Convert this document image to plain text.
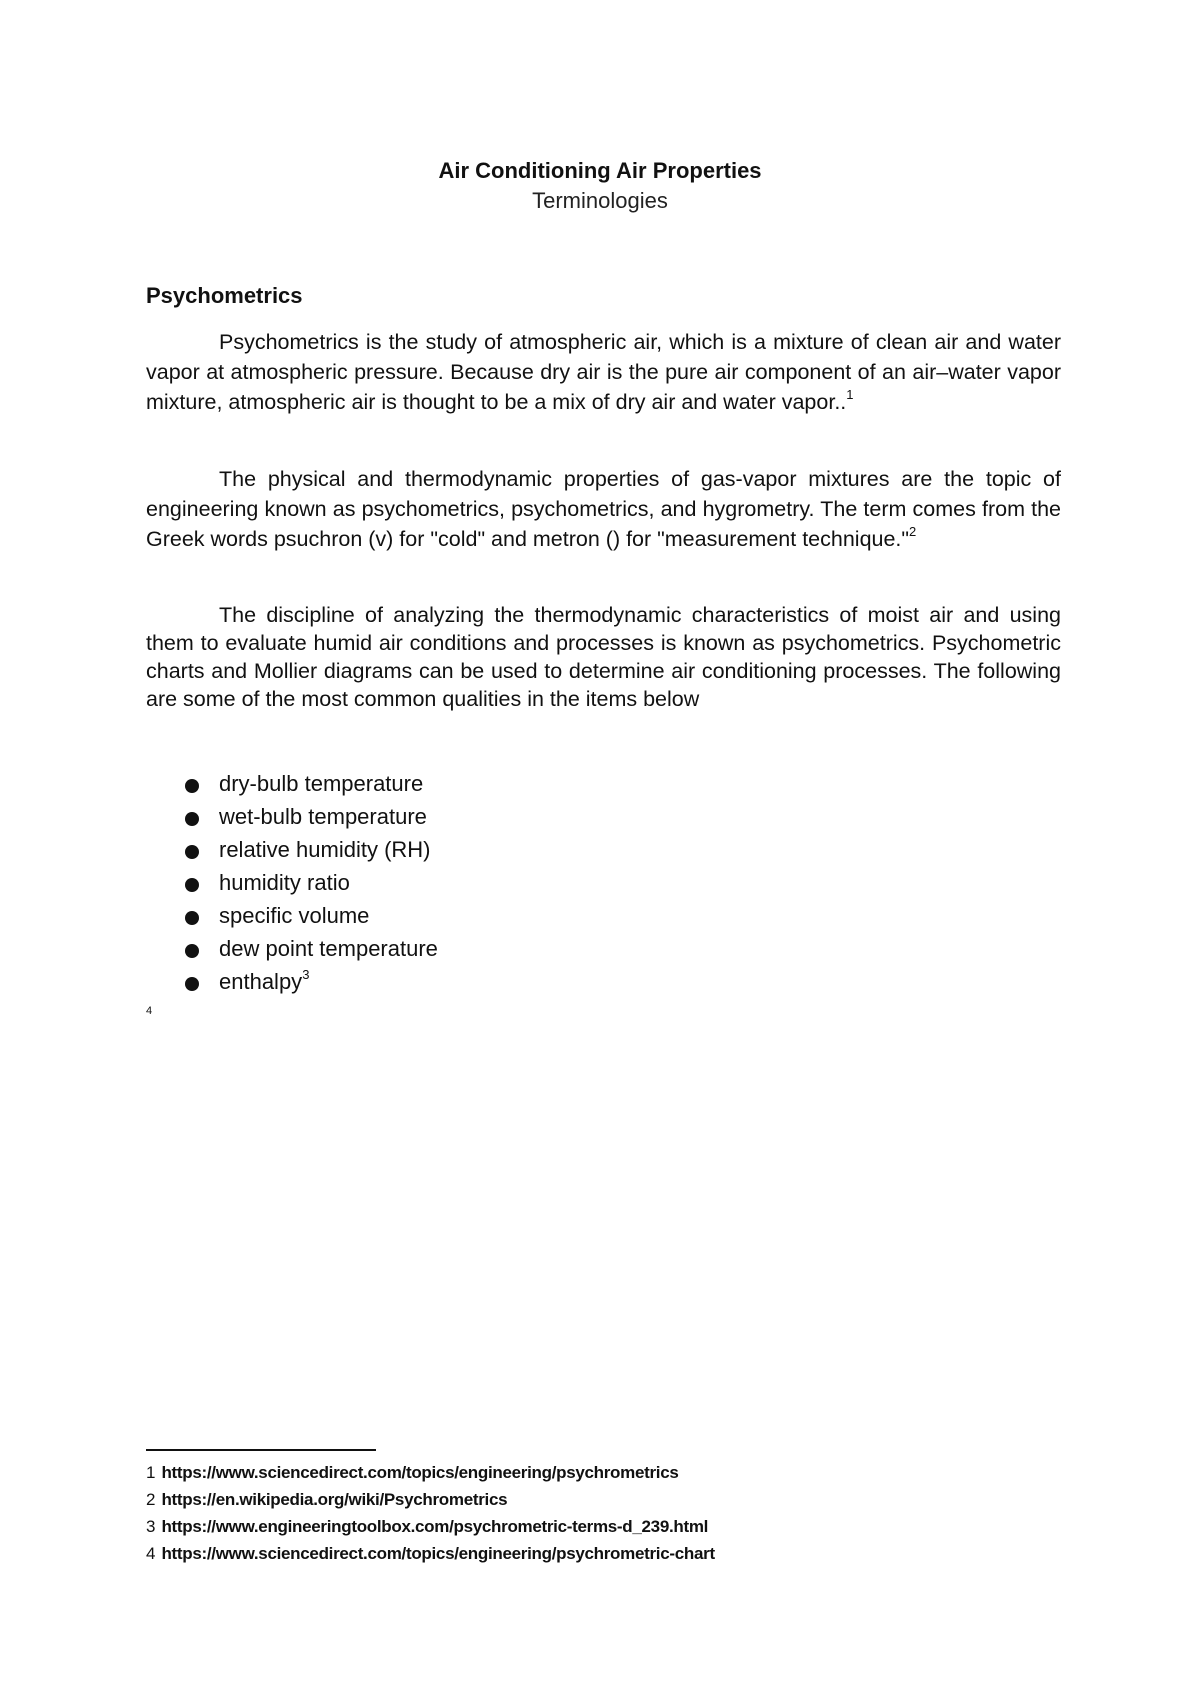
Air Conditioning Air Properties
Terminologies
Psychometrics

Psychometrics is the study of atmospheric air, which is a mixture of clean air and water vapor at atmospheric pressure. Because dry air is the pure air component of an air–water vapor mixture, atmospheric air is thought to be a mix of dry air and water vapor..$^1$

The physical and thermodynamic properties of gas-vapor mixtures are the topic of engineering known as psychometrics, psychometrics, and hygrometry. The term comes from the Greek words psuchron (v) for "cold" and metron () for "measurement technique."$^2$

The discipline of analyzing the thermodynamic characteristics of moist air and using them to evaluate humid air conditions and processes is known as psychometrics. Psychometric charts and Mollier diagrams can be used to determine air conditioning processes. The following are some of the most common qualities in the items below

dry-bulb temperature
wet-bulb temperature
relative humidity (RH)
humidity ratio
specific volume
dew point temperature
enthalpy$^3$
4
1 https://www.sciencedirect.com/topics/engineering/psychrometrics
2 https://en.wikipedia.org/wiki/Psychrometrics
3 https://www.engineeringtoolbox.com/psychrometric-terms-d_239.html
4 https://www.sciencedirect.com/topics/engineering/psychrometric-chart
